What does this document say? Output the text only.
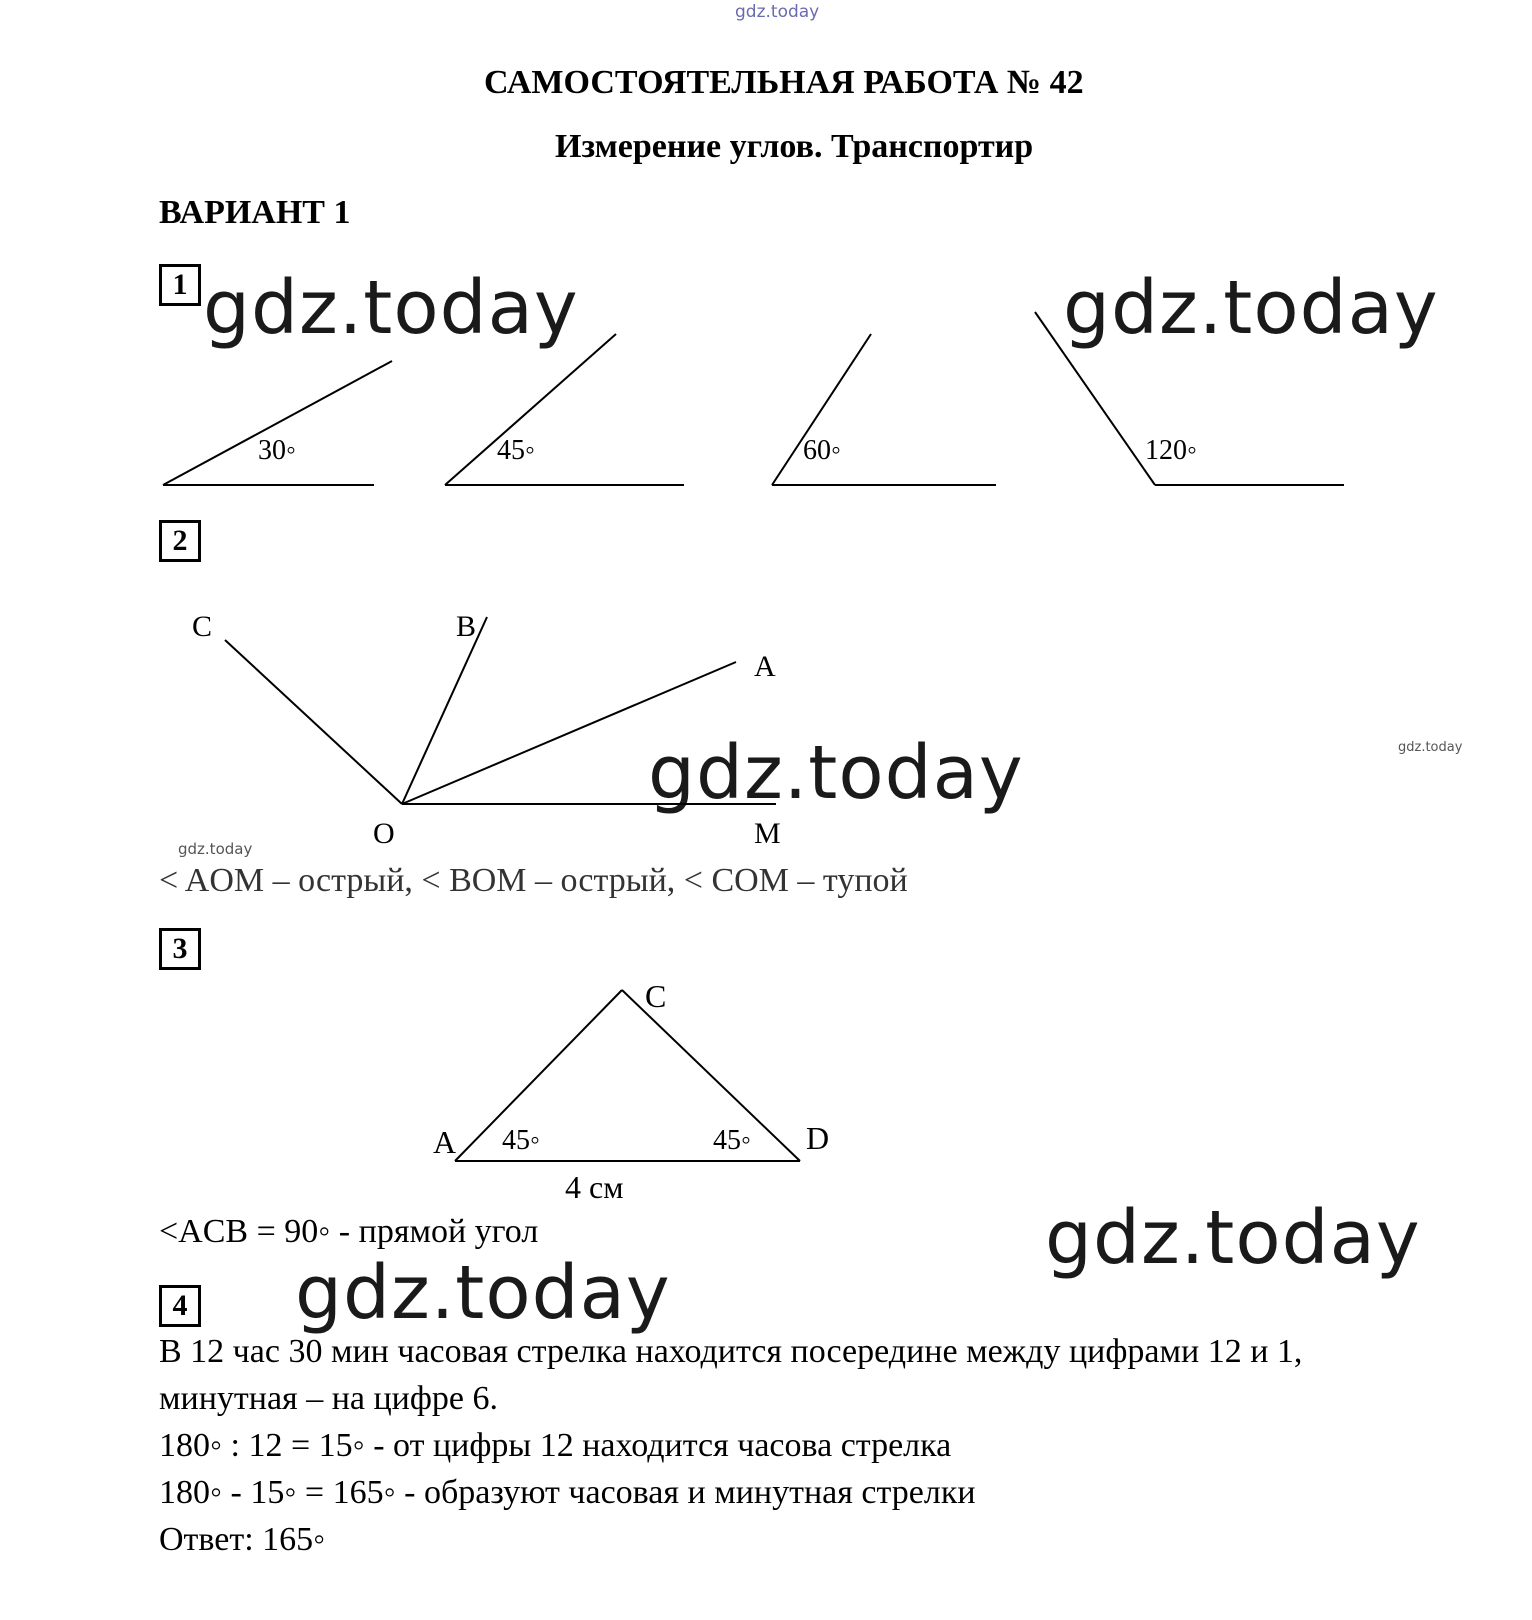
gdz.today
gdz.today	gdz.today
gdz.today	gdz.today
gdz.today
gdz.today
gdz.today
САМОСТОЯТЕЛЬНАЯ РАБОТА № 42
Измерение углов. Транспортир
ВАРИАНТ 1
1
2
3
4
30◦	45◦	60◦	120◦
C	B
A
O	M
C
A	D
45◦	45◦
4 см
< AOM – острый, < BOM – острый, < COM – тупой
<ACB = 90◦ - прямой угол
В 12 час 30 мин часовая стрелка находится посередине между цифрами 12 и 1,
минутная – на цифре 6.
180◦ : 12 = 15◦ - от цифры 12 находится часова стрелка
180◦ - 15◦ = 165◦ - образуют часовая и минутная стрелки
Ответ: 165◦
